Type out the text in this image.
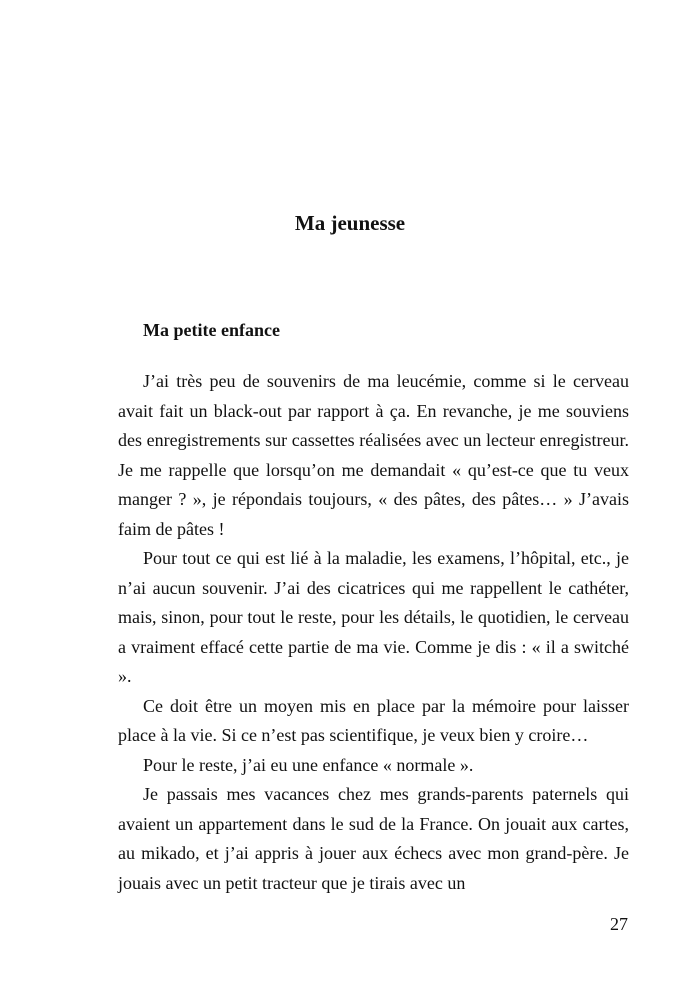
Ma jeunesse
Ma petite enfance

J’ai très peu de souvenirs de ma leucémie, comme si le cerveau avait fait un black-out par rapport à ça. En revanche, je me souviens des enregistrements sur cassettes réalisées avec un lecteur enregistreur. Je me rappelle que lorsqu’on me demandait « qu’est-ce que tu veux manger ? », je répondais toujours, « des pâtes, des pâtes… » J’avais faim de pâtes !

Pour tout ce qui est lié à la maladie, les examens, l’hôpital, etc., je n’ai aucun souvenir. J’ai des cicatrices qui me rappellent le cathéter, mais, sinon, pour tout le reste, pour les détails, le quotidien, le cerveau a vraiment effacé cette partie de ma vie. Comme je dis : « il a switché ».

Ce doit être un moyen mis en place par la mémoire pour laisser place à la vie. Si ce n’est pas scientifique, je veux bien y croire…

Pour le reste, j’ai eu une enfance « normale ».

Je passais mes vacances chez mes grands-parents paternels qui avaient un appartement dans le sud de la France. On jouait aux cartes, au mikado, et j’ai appris à jouer aux échecs avec mon grand-père. Je jouais avec un petit tracteur que je tirais avec un

27
